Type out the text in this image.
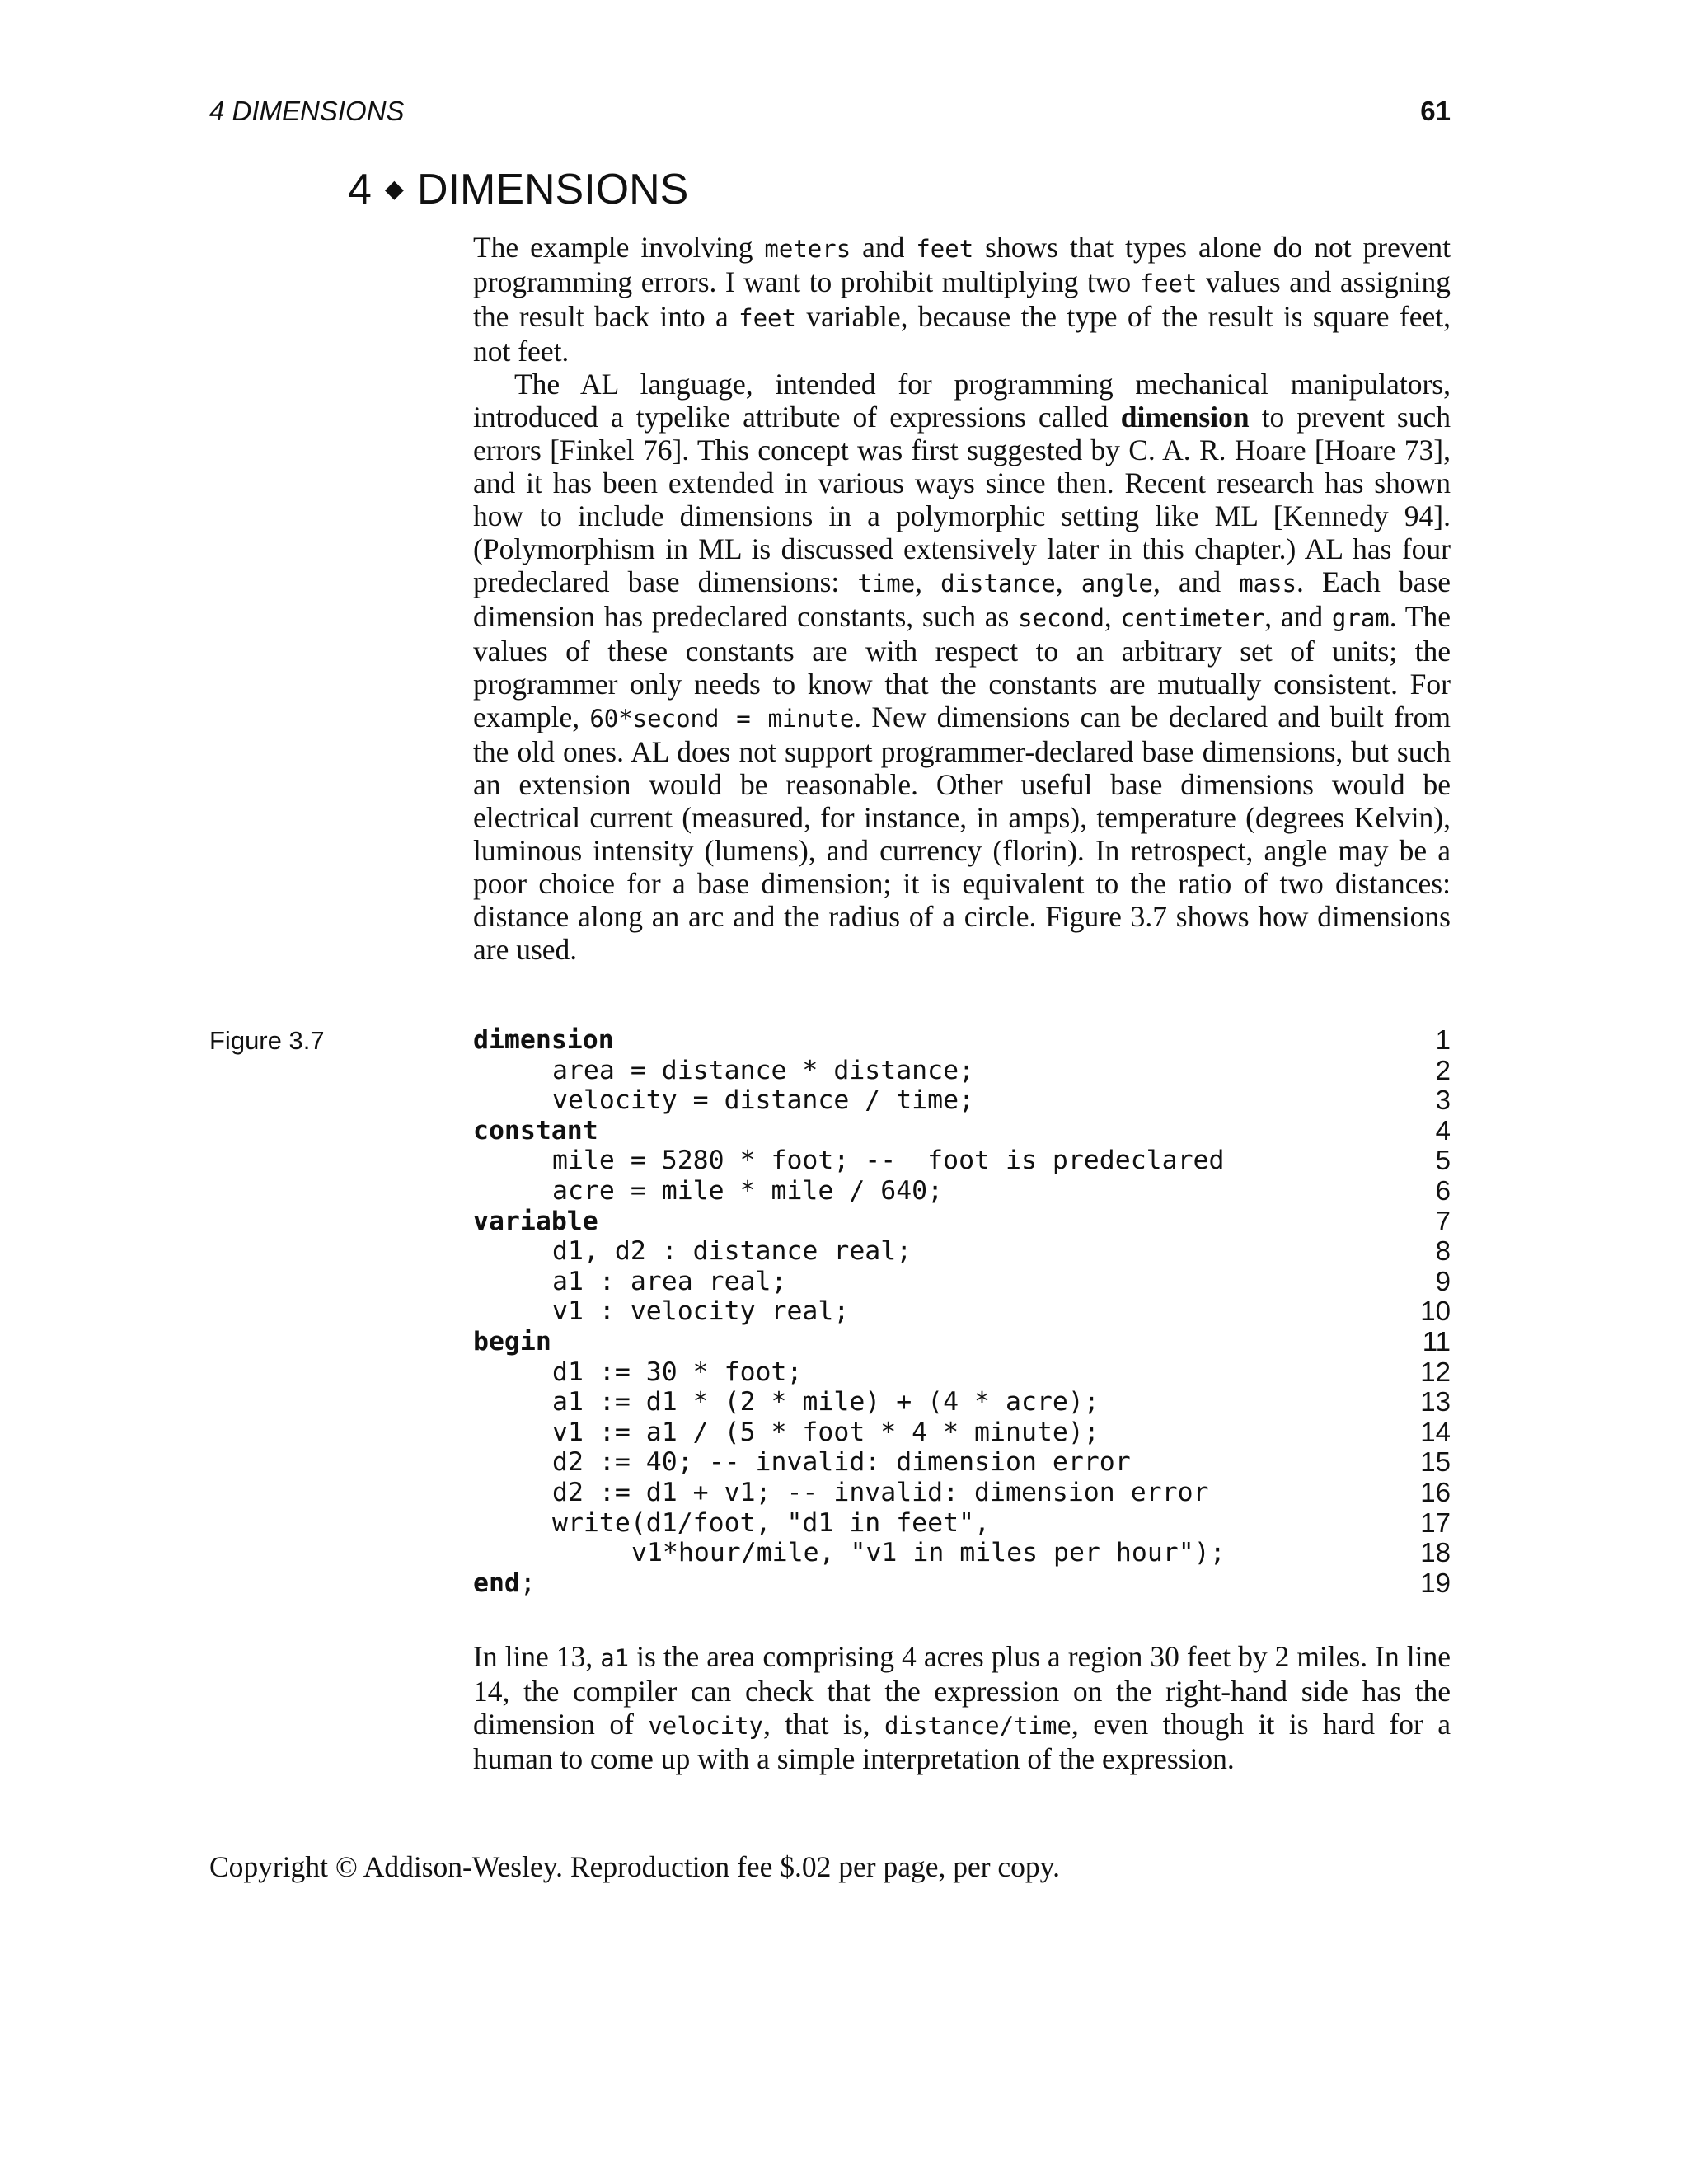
4 DIMENSIONS	61
4 ◆ DIMENSIONS

The example involving meters and feet shows that types alone do not prevent programming errors. I want to prohibit multiplying two feet values and assigning the result back into a feet variable, because the type of the result is square feet, not feet.

The AL language, intended for programming mechanical manipulators, introduced a typelike attribute of expressions called dimension to prevent such errors [Finkel 76]. This concept was first suggested by C. A. R. Hoare [Hoare 73], and it has been extended in various ways since then. Recent research has shown how to include dimensions in a polymorphic setting like ML [Kennedy 94]. (Polymorphism in ML is discussed extensively later in this chapter.) AL has four predeclared base dimensions: time, distance, angle, and mass. Each base dimension has predeclared constants, such as second, centimeter, and gram. The values of these constants are with respect to an arbitrary set of units; the programmer only needs to know that the constants are mutually consistent. For example, 60*second = minute. New dimensions can be declared and built from the old ones. AL does not support programmer-declared base dimensions, but such an extension would be reasonable. Other useful base dimensions would be electrical current (measured, for instance, in amps), temperature (degrees Kelvin), luminous intensity (lumens), and currency (florin). In retrospect, angle may be a poor choice for a base dimension; it is equivalent to the ratio of two distances: distance along an arc and the radius of a circle. Figure 3.7 shows how dimensions are used.

Figure 3.7	dimension	1
area = distance * distance;	2
velocity = distance / time;	3
constant	4
mile = 5280 * foot; --  foot is predeclared	5
acre = mile * mile / 640;	6
variable	7
d1, d2 : distance real;	8
a1 : area real;	9
v1 : velocity real;	10
begin	11
d1 := 30 * foot;	12
a1 := d1 * (2 * mile) + (4 * acre);	13
v1 := a1 / (5 * foot * 4 * minute);	14
d2 := 40; -- invalid: dimension error	15
d2 := d1 + v1; -- invalid: dimension error	16
write(d1/foot, "d1 in feet",	17
v1*hour/mile, "v1 in miles per hour");	18
end;	19

In line 13, a1 is the area comprising 4 acres plus a region 30 feet by 2 miles. In line 14, the compiler can check that the expression on the right-hand side has the dimension of velocity, that is, distance/time, even though it is hard for a human to come up with a simple interpretation of the expression.

Copyright © Addison-Wesley. Reproduction fee $.02 per page, per copy.
